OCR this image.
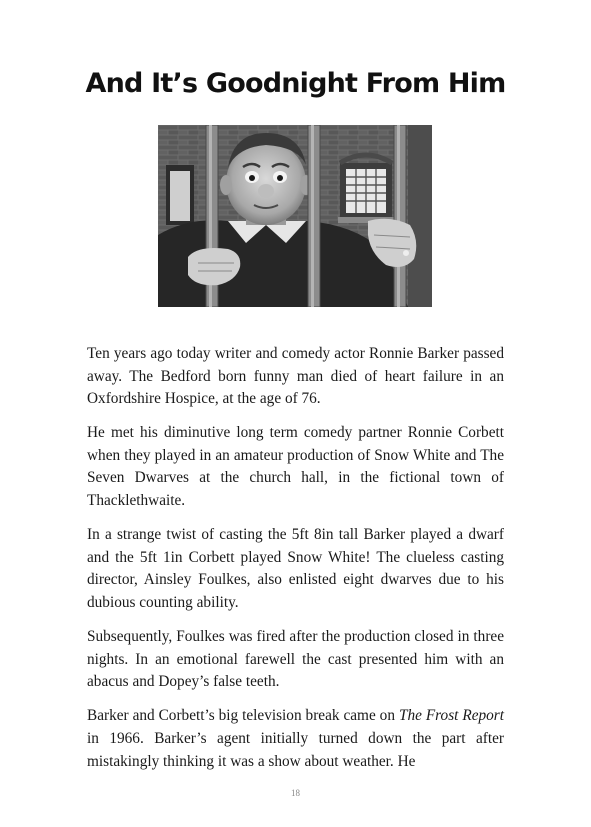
And It’s Goodnight From Him

Ten years ago today writer and comedy actor Ronnie Barker passed away. The Bedford born funny man died of heart failure in an Oxfordshire Hospice, at the age of 76.

He met his diminutive long term comedy partner Ronnie Corbett when they played in an amateur production of Snow White and The Seven Dwarves at the church hall, in the fictional town of Thacklethwaite.

In a strange twist of casting the 5ft 8in tall Barker played a dwarf and the 5ft 1in Corbett played Snow White! The clueless casting director, Ainsley Foulkes, also enlisted eight dwarves due to his dubious counting ability.

Subsequently, Foulkes was fired after the production closed in three nights. In an emotional farewell the cast presented him with an abacus and Dopey’s false teeth.

Barker and Corbett’s big television break came on The Frost Report in 1966. Barker’s agent initially turned down the part after mistakingly thinking it was a show about weather. He

18
